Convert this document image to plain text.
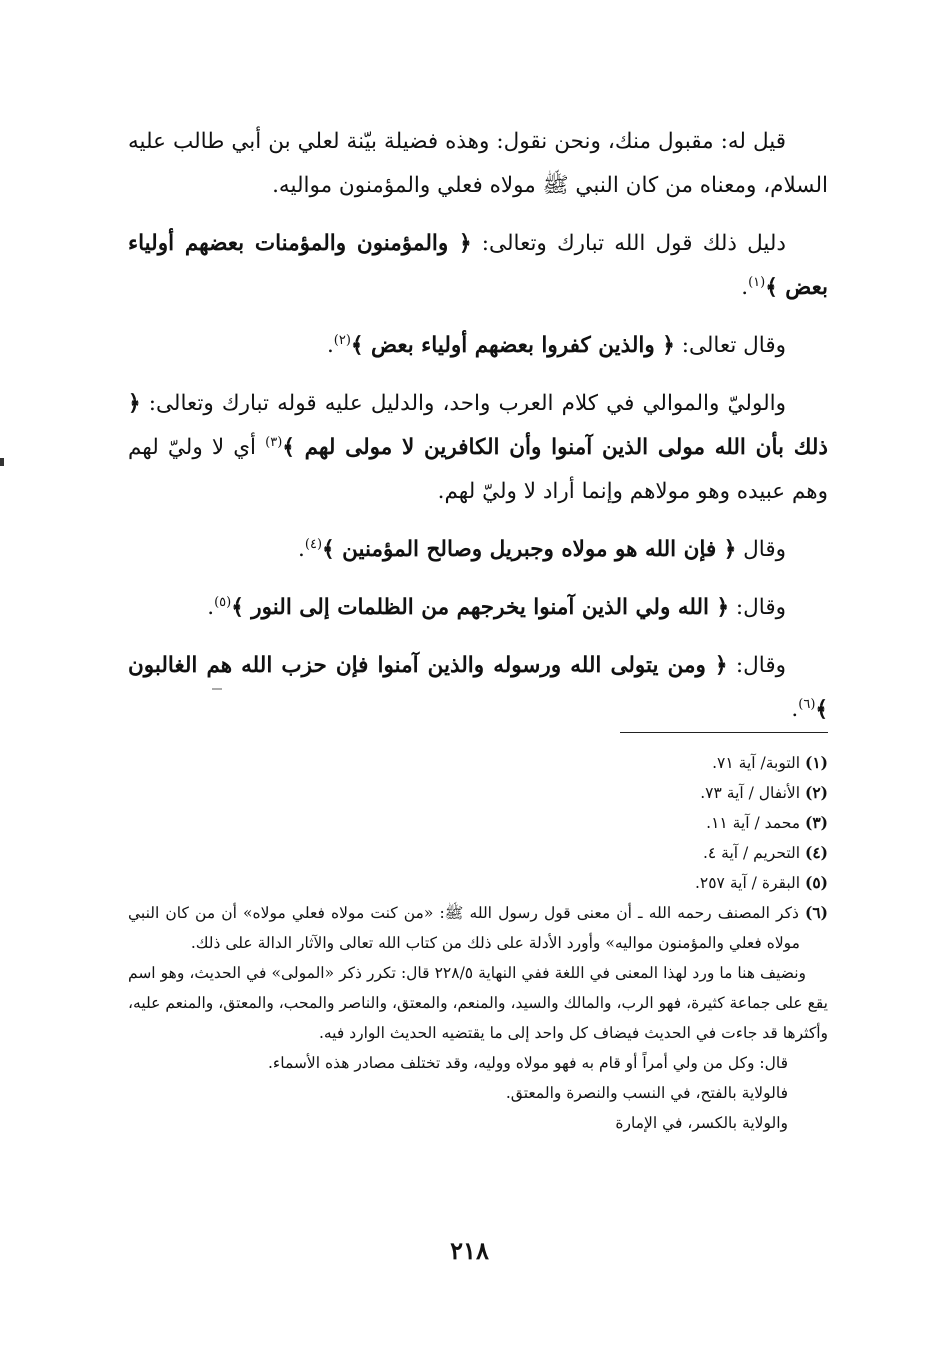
قيل له: مقبول منك، ونحن نقول: وهذه فضيلة بيّنة لعلي بن أبي طالب عليه السلام، ومعناه من كان النبي ﷺ مولاه فعلي والمؤمنون مواليه.

دليل ذلك قول الله تبارك وتعالى: ﴿ والمؤمنون والمؤمنات بعضهم أولياء بعض ﴾$^{(١)}$.

وقال تعالى: ﴿ والذين كفروا بعضهم أولياء بعض ﴾$^{(٢)}$.

والوليّ والموالي في كلام العرب واحد، والدليل عليه قوله تبارك وتعالى: ﴿ ذلك بأن الله مولى الذين آمنوا وأن الكافرين لا مولى لهم ﴾$^{(٣)}$ أي لا وليّ لهم وهم عبيده وهو مولاهم وإنما أراد لا وليّ لهم.

وقال ﴿ فإن الله هو مولاه وجبريل وصالح المؤمنين ﴾$^{(٤)}$.

وقال: ﴿ الله ولي الذين آمنوا يخرجهم من الظلمات إلى النور ﴾$^{(٥)}$.

وقال: ﴿ ومن يتولى الله ورسوله والذين آمنوا فإن حزب الله هم الغالبون ﴾$^{(٦)}$.

(١) التوبة/ آية ٧١.

(٢) الأنفال / آية ٧٣.

(٣) محمد / آية ١١.

(٤) التحريم / آية ٤.

(٥) البقرة / آية ٢٥٧.

(٦) ذكر المصنف رحمه الله ـ أن معنى قول رسول الله ﷺ: «من كنت مولاه فعلي مولاه» أن من كان النبي مولاه فعلي والمؤمنون مواليه» وأورد الأدلة على ذلك من كتاب الله تعالى والآثار الدالة على ذلك.

ونضيف هنا ما ورد لهذا المعنى في اللغة ففي النهاية ٢٢٨/٥ قال: تكرر ذكر «المولى» في الحديث، وهو اسم يقع على جماعة كثيرة، فهو الرب، والمالك والسيد، والمنعم، والمعتق، والناصر والمحب، والمعتق، والمنعم عليه، وأكثرها قد جاءت في الحديث فيضاف كل واحد إلى ما يقتضيه الحديث الوارد فيه.

قال: وكل من ولي أمراً أو قام به فهو مولاه ووليه، وقد تختلف مصادر هذه الأسماء.

فالولاية بالفتح، في النسب والنصرة والمعتق.

والولاية بالكسر، في الإمارة

٢١٨
